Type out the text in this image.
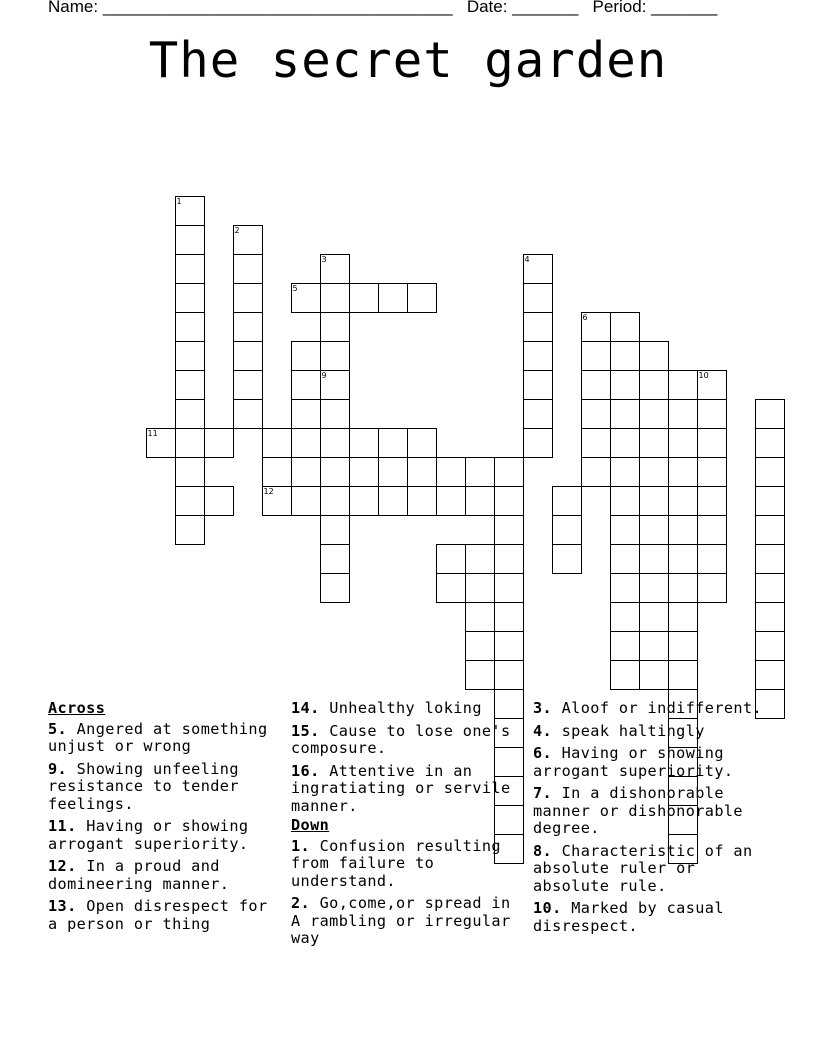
Name: _____________________________________ Date: _______ Period: _______
The secret garden
1
2
3
9
4
6
10
5
11
12
Across
5. Angered at something unjust or wrong
9. Showing unfeeling resistance to tender feelings.
11. Having or showing arrogant superiority.
12. In a proud and domineering manner.
13. Open disrespect for a person or thing
14. Unhealthy loking
15. Cause to lose one's composure.
16. Attentive in an ingratiating or servile manner.
Down
1. Confusion resulting from failure to understand.
2. Go,come,or spread in A rambling or irregular way
3. Aloof or indifferent.
4. speak haltingly
6. Having or showing arrogant superiority.
7. In a dishonorable manner or dishonorable degree.
8. Characteristic of an absolute ruler or absolute rule.
10. Marked by casual disrespect.
